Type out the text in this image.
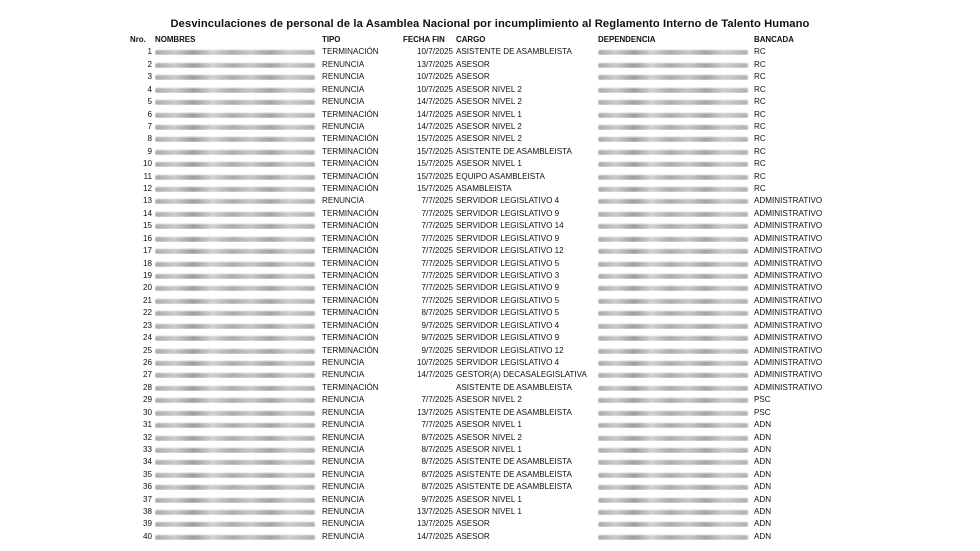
Desvinculaciones de personal de la Asamblea Nacional por incumplimiento al Reglamento Interno de Talento Humano
Nro. NOMBRES	TIPO	FECHA FIN	CARGO	DEPENDENCIA	BANCADA
1	TERMINACIÓN	10/7/2025 ASISTENTE DE ASAMBLEISTA	RC
2	RENUNCIA	13/7/2025 ASESOR	RC
3	RENUNCIA	10/7/2025 ASESOR	RC
4	RENUNCIA	10/7/2025 ASESOR NIVEL 2	RC
5	RENUNCIA	14/7/2025 ASESOR NIVEL 2	RC
6	TERMINACIÓN	14/7/2025 ASESOR NIVEL 1	RC
7	RENUNCIA	14/7/2025 ASESOR NIVEL 2	RC
8	TERMINACIÓN	15/7/2025 ASESOR NIVEL 2	RC
9	TERMINACIÓN	15/7/2025 ASISTENTE DE ASAMBLEISTA	RC
10	TERMINACIÓN	15/7/2025 ASESOR NIVEL 1	RC
11	TERMINACIÓN	15/7/2025 EQUIPO ASAMBLEISTA	RC
12	TERMINACIÓN	15/7/2025 ASAMBLEISTA	RC
13	RENUNCIA	7/7/2025 SERVIDOR LEGISLATIVO 4	ADMINISTRATIVO
14	TERMINACIÓN	7/7/2025 SERVIDOR LEGISLATIVO 9	ADMINISTRATIVO
15	TERMINACIÓN	7/7/2025 SERVIDOR LEGISLATIVO 14	ADMINISTRATIVO
16	TERMINACIÓN	7/7/2025 SERVIDOR LEGISLATIVO 9	ADMINISTRATIVO
17	TERMINACIÓN	7/7/2025 SERVIDOR LEGISLATIVO 12	ADMINISTRATIVO
18	TERMINACIÓN	7/7/2025 SERVIDOR LEGISLATIVO 5	ADMINISTRATIVO
19	TERMINACIÓN	7/7/2025 SERVIDOR LEGISLATIVO 3	ADMINISTRATIVO
20	TERMINACIÓN	7/7/2025 SERVIDOR LEGISLATIVO 9	ADMINISTRATIVO
21	TERMINACIÓN	7/7/2025 SERVIDOR LEGISLATIVO 5	ADMINISTRATIVO
22	TERMINACIÓN	8/7/2025 SERVIDOR LEGISLATIVO 5	ADMINISTRATIVO
23	TERMINACIÓN	9/7/2025 SERVIDOR LEGISLATIVO 4	ADMINISTRATIVO
24	TERMINACIÓN	9/7/2025 SERVIDOR LEGISLATIVO 9	ADMINISTRATIVO
25	TERMINACIÓN	9/7/2025 SERVIDOR LEGISLATIVO 12	ADMINISTRATIVO
26	RENUNCIA	10/7/2025 SERVIDOR LEGISLATIVO 4	ADMINISTRATIVO
27	RENUNCIA	14/7/2025 GESTOR(A) DECASALEGISLATIVA	ADMINISTRATIVO
28	TERMINACIÓN	ASISTENTE DE ASAMBLEISTA	ADMINISTRATIVO
29	RENUNCIA	7/7/2025 ASESOR NIVEL 2	PSC
30	RENUNCIA	13/7/2025 ASISTENTE DE ASAMBLEISTA	PSC
31	RENUNCIA	7/7/2025 ASESOR NIVEL 1	ADN
32	RENUNCIA	8/7/2025 ASESOR NIVEL 2	ADN
33	RENUNCIA	8/7/2025 ASESOR NIVEL 1	ADN
34	RENUNCIA	8/7/2025 ASISTENTE DE ASAMBLEISTA	ADN
35	RENUNCIA	8/7/2025 ASISTENTE DE ASAMBLEISTA	ADN
36	RENUNCIA	8/7/2025 ASISTENTE DE ASAMBLEISTA	ADN
37	RENUNCIA	9/7/2025 ASESOR NIVEL 1	ADN
38	RENUNCIA	13/7/2025 ASESOR NIVEL 1	ADN
39	RENUNCIA	13/7/2025 ASESOR	ADN
40	RENUNCIA	14/7/2025 ASESOR	ADN
